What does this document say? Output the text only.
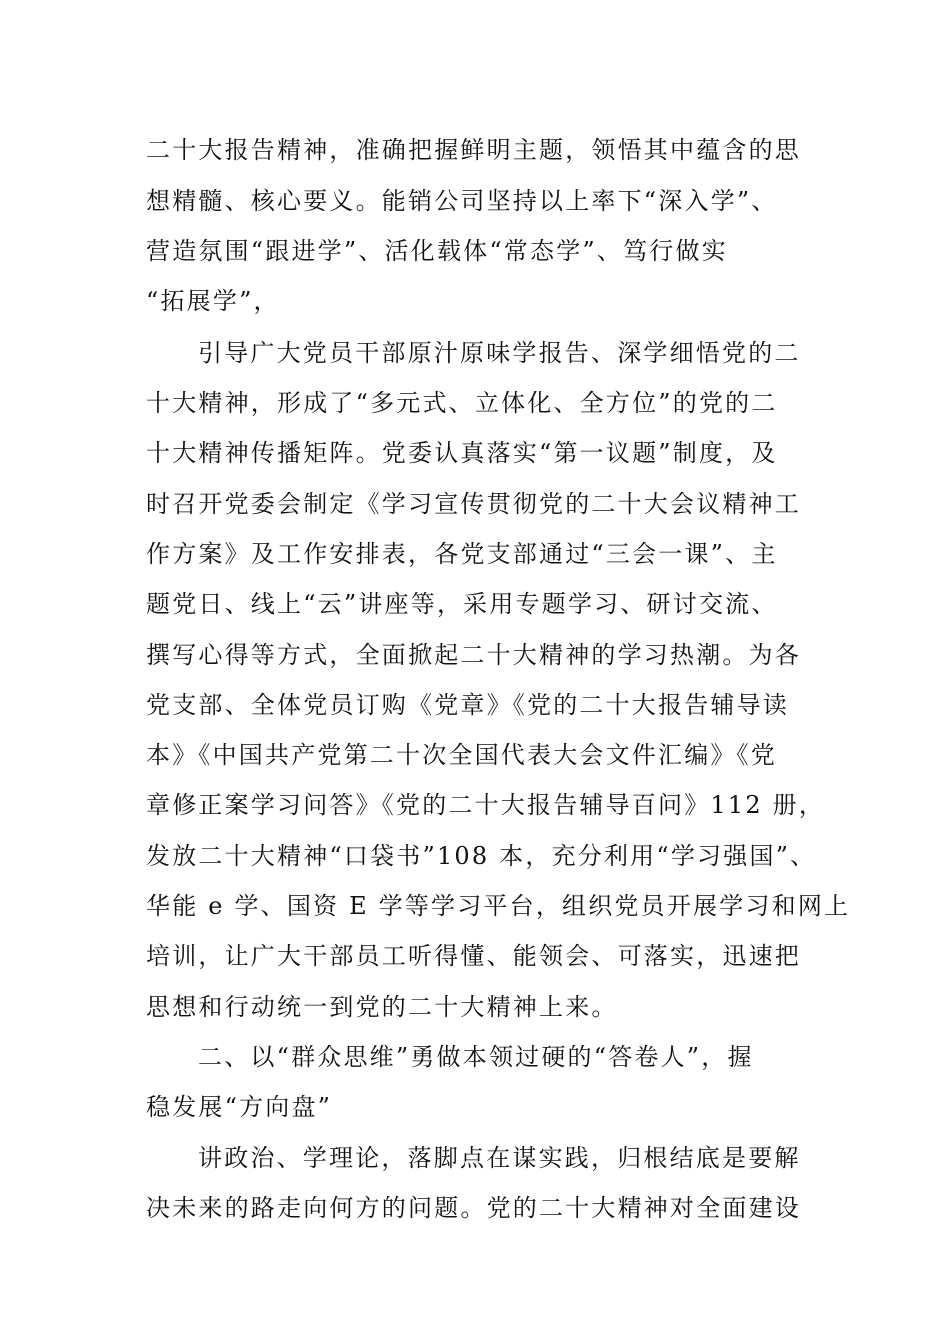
二十大报告精神，准确把握鲜明主题，领悟其中蕴含的思
想精髓、核心要义。能销公司坚持以上率下“深入学”、
营造氛围“跟进学”、活化载体“常态学”、笃行做实
“拓展学”，
引导广大党员干部原汁原味学报告、深学细悟党的二
十大精神，形成了“多元式、立体化、全方位”的党的二
十大精神传播矩阵。党委认真落实“第一议题”制度，及
时召开党委会制定《学习宣传贯彻党的二十大会议精神工
作方案》及工作安排表，各党支部通过“三会一课”、主
题党日、线上“云”讲座等，采用专题学习、研讨交流、
撰写心得等方式，全面掀起二十大精神的学习热潮。为各
党支部、全体党员订购《党章》《党的二十大报告辅导读
本》《中国共产党第二十次全国代表大会文件汇编》《党
章修正案学习问答》《党的二十大报告辅导百问》112 册，
发放二十大精神“口袋书”108 本，充分利用“学习强国”、
华能 e 学、国资 E 学等学习平台，组织党员开展学习和网上
培训，让广大干部员工听得懂、能领会、可落实，迅速把
思想和行动统一到党的二十大精神上来。
二、以“群众思维”勇做本领过硬的“答卷人”，握
稳发展“方向盘”
讲政治、学理论，落脚点在谋实践，归根结底是要解
决未来的路走向何方的问题。党的二十大精神对全面建设
